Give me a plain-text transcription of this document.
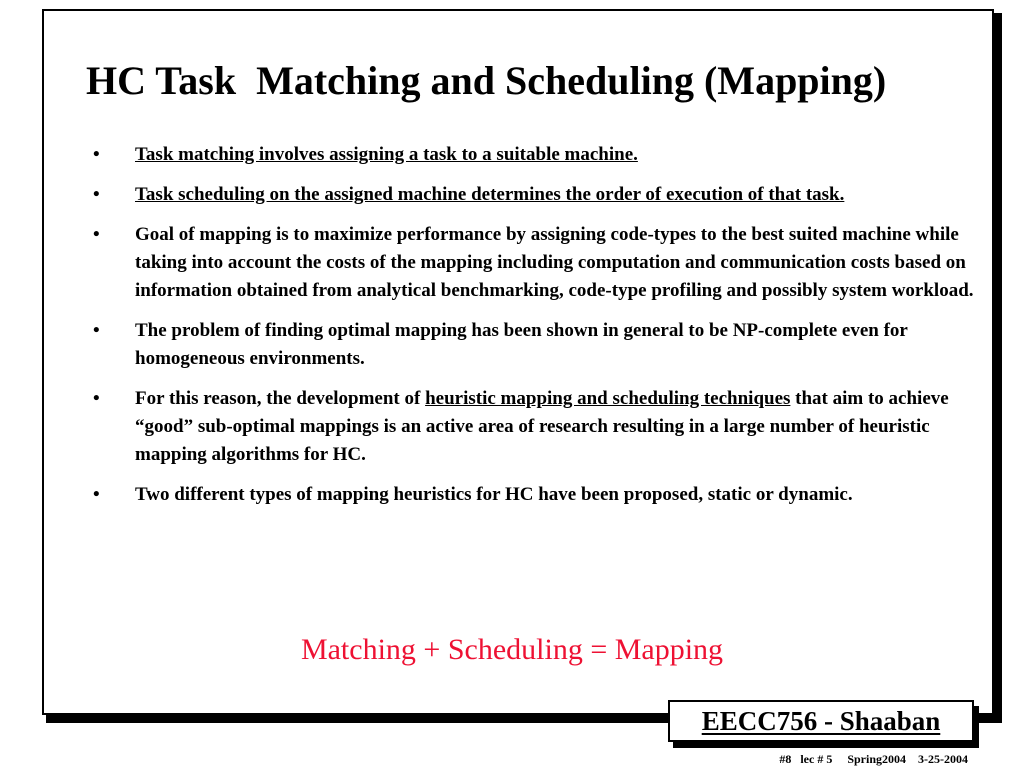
HC Task  Matching and Scheduling (Mapping)
•	Task matching involves assigning a task to a suitable machine.
•	Task scheduling on the assigned machine determines the order of execution of that task.
•	Goal of mapping is to maximize performance by assigning code-types to the best suited machine while taking into account the costs of the mapping including computation and communication costs based on information obtained from analytical benchmarking, code-type profiling and possibly system workload.
•	The problem of finding optimal mapping has been shown in general to be NP-complete even for homogeneous environments.
•	For this reason, the development of heuristic mapping and scheduling techniques that aim to achieve “good” sub-optimal mappings is an active area of research resulting in a large number of heuristic mapping algorithms for HC.
•	Two different types of mapping heuristics for HC have been proposed, static or dynamic.
Matching + Scheduling = Mapping
EECC756 - Shaaban
#8   lec # 5     Spring2004    3-25-2004
